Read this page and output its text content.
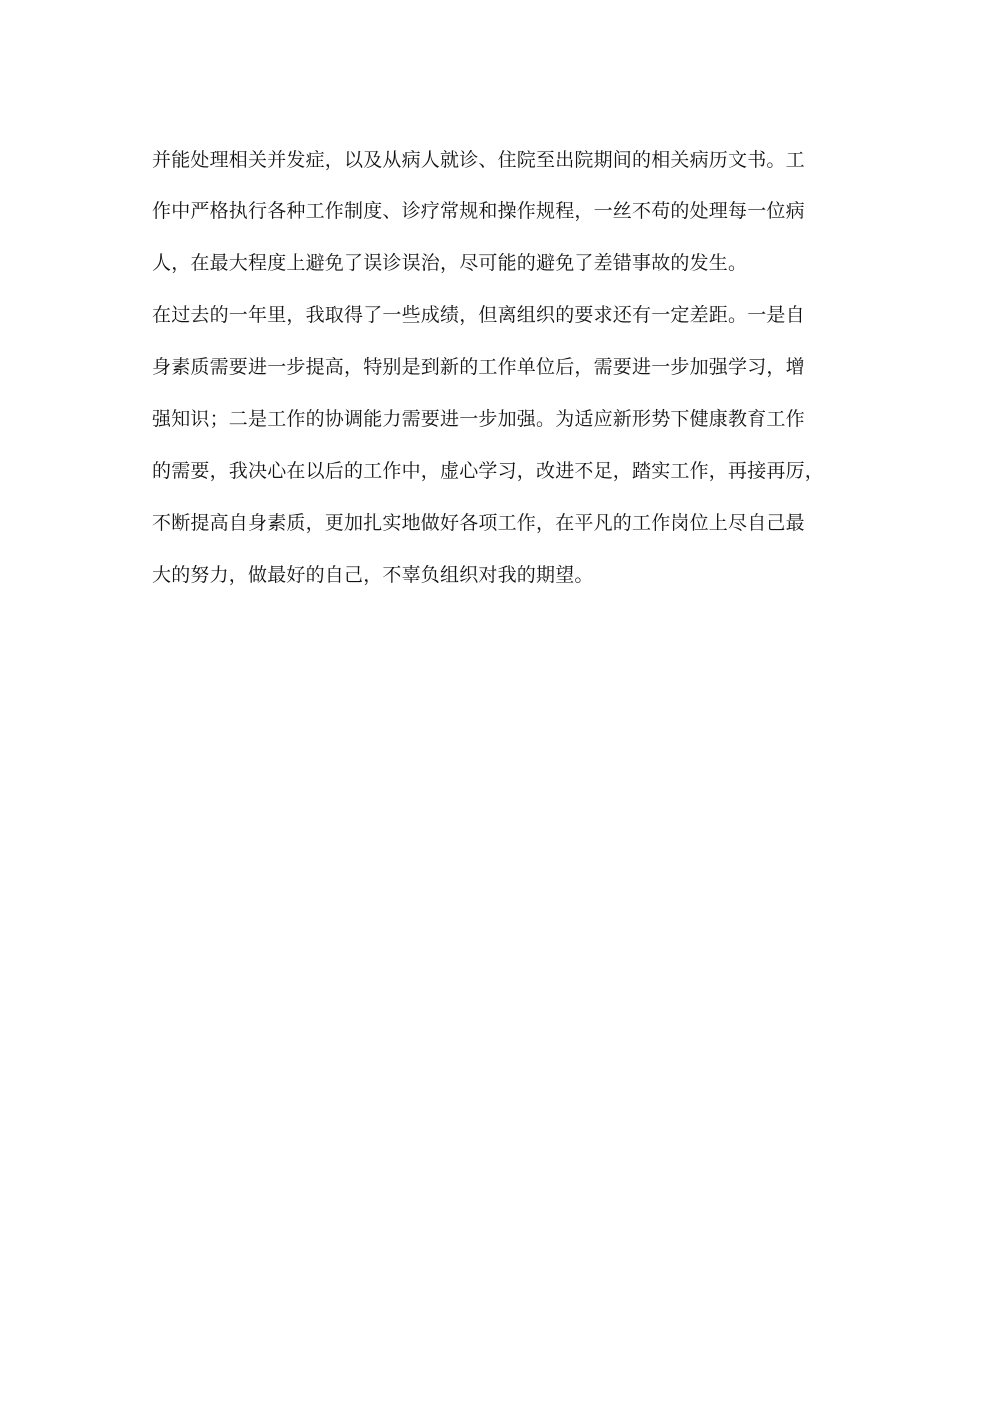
并能处理相关并发症，以及从病人就诊、住院至出院期间的相关病历文书。工
作中严格执行各种工作制度、诊疗常规和操作规程，一丝不苟的处理每一位病
人，在最大程度上避免了误诊误治，尽可能的避免了差错事故的发生。
在过去的一年里，我取得了一些成绩，但离组织的要求还有一定差距。一是自
身素质需要进一步提高，特别是到新的工作单位后，需要进一步加强学习，增
强知识；二是工作的协调能力需要进一步加强。为适应新形势下健康教育工作
的需要，我决心在以后的工作中，虚心学习，改进不足，踏实工作，再接再厉，
不断提高自身素质，更加扎实地做好各项工作，在平凡的工作岗位上尽自己最
大的努力，做最好的自己，不辜负组织对我的期望。
